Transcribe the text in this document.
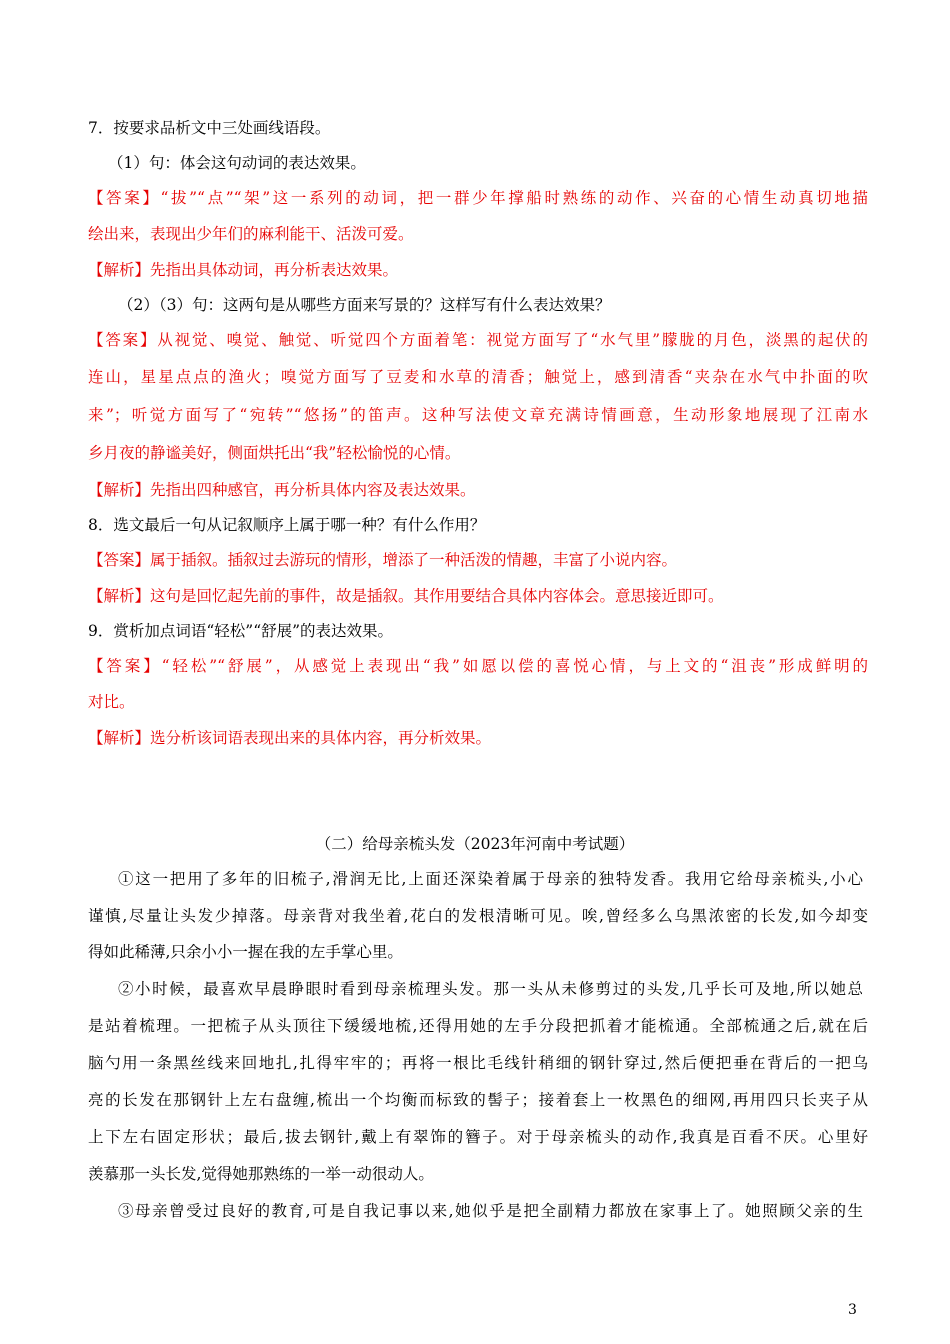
7．按要求品析文中三处画线语段。
（1）句：体会这句动词的表达效果。
【答案】“拔”“点”“架”这一系列的动词，把一群少年撑船时熟练的动作、兴奋的心情生动真切地描
绘出来，表现出少年们的麻利能干、活泼可爱。
【解析】先指出具体动词，再分析表达效果。
（2）（3）句：这两句是从哪些方面来写景的？这样写有什么表达效果？
【答案】从视觉、嗅觉、触觉、听觉四个方面着笔：视觉方面写了“水气里”朦胧的月色，淡黑的起伏的
连山，星星点点的渔火；嗅觉方面写了豆麦和水草的清香；触觉上，感到清香“夹杂在水气中扑面的吹
来”；听觉方面写了“宛转”“悠扬”的笛声。这种写法使文章充满诗情画意，生动形象地展现了江南水
乡月夜的静谧美好，侧面烘托出“我”轻松愉悦的心情。
【解析】先指出四种感官，再分析具体内容及表达效果。
8．选文最后一句从记叙顺序上属于哪一种？有什么作用？
【答案】属于插叙。插叙过去游玩的情形，增添了一种活泼的情趣，丰富了小说内容。
【解析】这句是回忆起先前的事件，故是插叙。其作用要结合具体内容体会。意思接近即可。
9．赏析加点词语“轻松”“舒展”的表达效果。
【答案】“轻松”“舒展”，从感觉上表现出“我”如愿以偿的喜悦心情，与上文的“沮丧”形成鲜明的
对比。
【解析】选分析该词语表现出来的具体内容，再分析效果。
（二）给母亲梳头发（2023年河南中考试题）
①这一把用了多年的旧梳子,滑润无比,上面还深染着属于母亲的独特发香。我用它给母亲梳头,小心
谨慎,尽量让头发少掉落。母亲背对我坐着,花白的发根清晰可见。唉,曾经多么乌黑浓密的长发,如今却变
得如此稀薄,只余小小一握在我的左手掌心里。
②小时候，最喜欢早晨睁眼时看到母亲梳理头发。那一头从未修剪过的头发,几乎长可及地,所以她总
是站着梳理。一把梳子从头顶往下缓缓地梳,还得用她的左手分段把抓着才能梳通。全部梳通之后,就在后
脑勺用一条黑丝线来回地扎,扎得牢牢的；再将一根比毛线针稍细的钢针穿过,然后便把垂在背后的一把乌
亮的长发在那钢针上左右盘缠,梳出一个均衡而标致的髻子；接着套上一枚黑色的细网,再用四只长夹子从
上下左右固定形状；最后,拔去钢针,戴上有翠饰的簪子。对于母亲梳头的动作,我真是百看不厌。心里好
羡慕那一头长发,觉得她那熟练的一举一动很动人。
③母亲曾受过良好的教育,可是自我记事以来,她似乎是把全副精力都放在家事上了。她照顾父亲的生
3
